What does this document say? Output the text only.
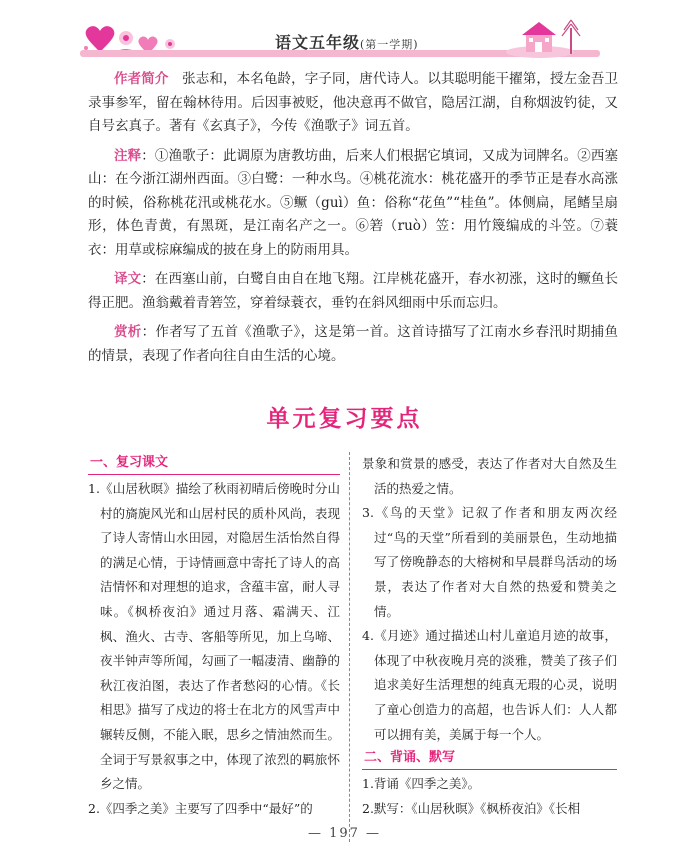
语文五年级(第一学期)

作者简介　 张志和，本名龟龄，字子同，唐代诗人。以其聪明能干擢第，授左金吾卫录事参军，留在翰林待用。后因事被贬，他决意再不做官，隐居江湖，自称烟波钓徒，又自号玄真子。著有《玄真子》，今传《渔歌子》词五首。

注释：①渔歌子：此调原为唐教坊曲，后来人们根据它填词，又成为词牌名。②西塞山：在今浙江湖州西面。③白鹭：一种水鸟。④桃花流水：桃花盛开的季节正是春水高涨的时候，俗称桃花汛或桃花水。⑤鳜（guì）鱼：俗称“花鱼”“桂鱼”。体侧扁，尾鳍呈扇形，体色青黄，有黑斑，是江南名产之一。⑥箬（ruò）笠：用竹篾编成的斗笠。⑦蓑衣：用草或棕麻编成的披在身上的防雨用具。

译文：在西塞山前，白鹭自由自在地飞翔。江岸桃花盛开，春水初涨，这时的鳜鱼长得正肥。渔翁戴着青箬笠，穿着绿蓑衣，垂钓在斜风细雨中乐而忘归。

赏析：作者写了五首《渔歌子》，这是第一首。这首诗描写了江南水乡春汛时期捕鱼的情景，表现了作者向往自由生活的心境。

单元复习要点
一、复习课文

1.《山居秋暝》描绘了秋雨初晴后傍晚时分山村的旖旎风光和山居村民的质朴风尚，表现了诗人寄情山水田园，对隐居生活怡然自得的满足心情，于诗情画意中寄托了诗人的高洁情怀和对理想的追求，含蕴丰富，耐人寻味。《枫桥夜泊》通过月落、霜满天、江枫、渔火、古寺、客船等所见，加上乌啼、夜半钟声等所闻，勾画了一幅凄清、幽静的秋江夜泊图，表达了作者愁闷的心情。《长相思》描写了戍边的将士在北方的风雪声中辗转反侧，不能入眠，思乡之情油然而生。全词于写景叙事之中，体现了浓烈的羁旅怀乡之情。

2.《四季之美》主要写了四季中“最好”的

景象和赏景的感受，表达了作者对大自然及生活的热爱之情。

3.《鸟的天堂》记叙了作者和朋友两次经过“鸟的天堂”所看到的美丽景色，生动地描写了傍晚静态的大榕树和早晨群鸟活动的场景，表达了作者对大自然的热爱和赞美之情。

4.《月迹》通过描述山村儿童追月迹的故事，体现了中秋夜晚月亮的淡雅，赞美了孩子们追求美好生活理想的纯真无瑕的心灵，说明了童心创造力的高超，也告诉人们：人人都可以拥有美，美属于每一个人。

二、背诵、默写

1.背诵《四季之美》。

2.默写：《山居秋暝》《枫桥夜泊》《长相

— 197 —
